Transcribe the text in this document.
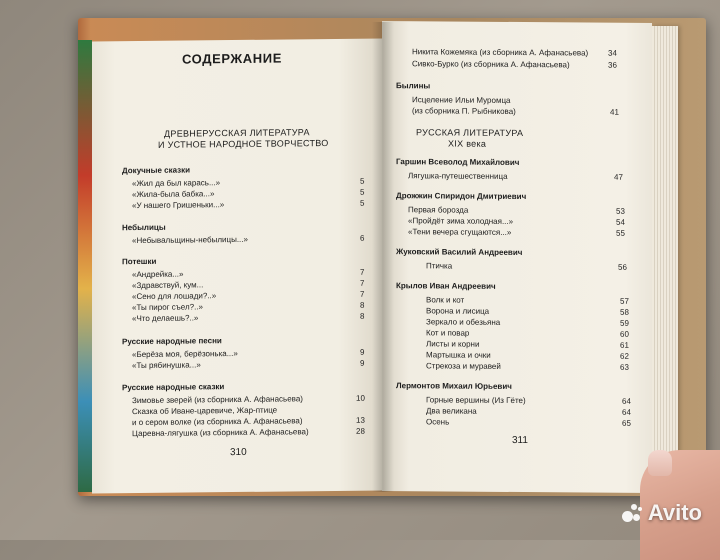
СОДЕРЖАНИЕ
ДРЕВНЕРУССКАЯ ЛИТЕРАТУРА
И УСТНОЕ НАРОДНОЕ ТВОРЧЕСТВО
Докучные сказки
«Жил да был карась...»	5
«Жила-была бабка...»	5
«У нашего Гришеньки...»	5
Небылицы
«Небывальщины-небылицы...»	6
Потешки
«Андрейка...»	7
«Здравствуй, кум...	7
«Сено для лошади?..»	7
«Ты пирог съел?..»	8
«Что делаешь?..»	8
Русские народные песни
«Берёза моя, берёзонька...»	9
«Ты рябинушка...»	9
Русские народные сказки
Зимовье зверей (из сборника А. Афанасьева)	10
Сказка об Иване-царевиче, Жар-птице
и о сером волке (из сборника А. Афанасьева)	13
Царевна-лягушка (из сборника А. Афанасьева)	28
310
Никита Кожемяка (из сборника А. Афанасьева) 34
Сивко-Бурко (из сборника А. Афанасьева)	36
Былины
Исцеление Ильи Муромца
(из сборника П. Рыбникова)	41
РУССКАЯ ЛИТЕРАТУРА
XIX века
Гаршин Всеволод Михайлович
Лягушка-путешественница	47
Дрожжин Спиридон Дмитриевич
Первая борозда	53
«Пройдёт зима холодная...»	54
«Тени вечера сгущаются...»	55
Жуковский Василий Андреевич
Птичка	56
Крылов Иван Андреевич
Волк и кот	57
Ворона и лисица	58
Зеркало и обезьяна	59
Кот и повар	60
Листы и корни	61
Мартышка и очки	62
Стрекоза и муравей	63
Лермонтов Михаил Юрьевич
Горные вершины (Из Гёте)	64
Два великана	64
Осень	65
311
Avito
